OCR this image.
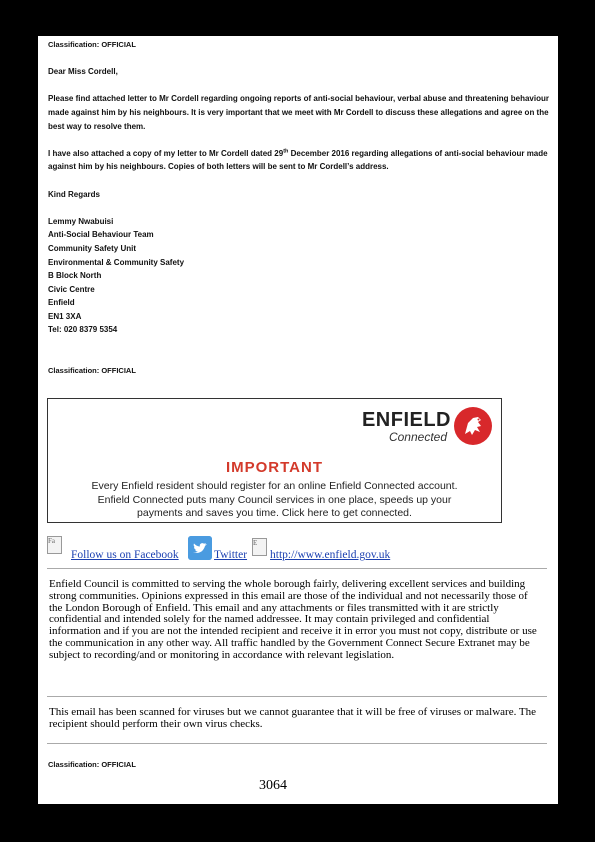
Classification: OFFICIAL

Dear Miss Cordell,

Please find attached letter to Mr Cordell regarding ongoing reports of anti-social behaviour, verbal abuse and threatening behaviour made against him by his neighbours. It is very important that we meet with Mr Cordell to discuss these allegations and agree on the best way to resolve them.

I have also attached a copy of my letter to Mr Cordell dated 29th December 2016 regarding allegations of anti-social behaviour made against him by his neighbours. Copies of both letters will be sent to Mr Cordell’s address.

Kind Regards

Lemmy Nwabuisi

Anti-Social Behaviour Team

Community Safety Unit

Environmental & Community Safety

B Block North

Civic Centre

Enfield

EN1 3XA

Tel: 020 8379 5354

Classification: OFFICIAL

ENFIELD
Connected
IMPORTANT
Every Enfield resident should register for an online Enfield Connected account.
Enfield Connected puts many Council services in one place, speeds up your
payments and saves you time. Click here to get connected.
Fa
Follow us on Facebook	Twitter
E
http://www.enfield.gov.uk
Enfield Council is committed to serving the whole borough fairly, delivering excellent services and building strong communities. Opinions expressed in this email are those of the individual and not necessarily those of the London Borough of Enfield. This email and any attachments or files transmitted with it are strictly confidential and intended solely for the named addressee. It may contain privileged and confidential information and if you are not the intended recipient and receive it in error you must not copy, distribute or use the communication in any other way. All traffic handled by the Government Connect Secure Extranet may be subject to recording/and or monitoring in accordance with relevant legislation.
This email has been scanned for viruses but we cannot guarantee that it will be free of viruses or malware. The recipient should perform their own virus checks.
Classification: OFFICIAL
3064
